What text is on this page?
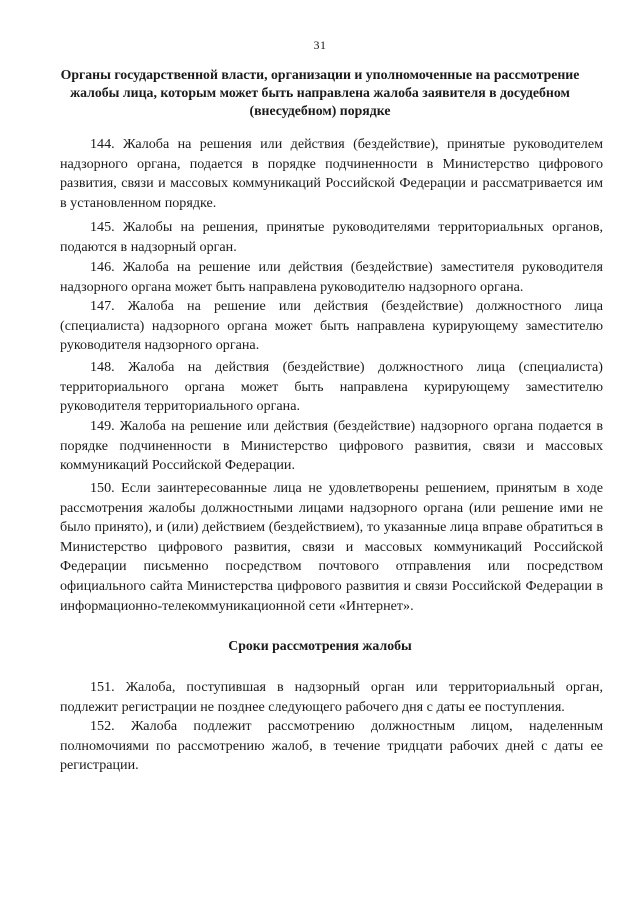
31
Органы государственной власти, организации и уполномоченные на рассмотрение жалобы лица, которым может быть направлена жалоба заявителя в досудебном (внесудебном) порядке

144. Жалоба на решения или действия (бездействие), принятые руководителем надзорного органа, подается в порядке подчиненности в Министерство цифрового развития, связи и массовых коммуникаций Российской Федерации и рассматривается им в установленном порядке.

145. Жалобы на решения, принятые руководителями территориальных органов, подаются в надзорный орган.

146. Жалоба на решение или действия (бездействие) заместителя руководителя надзорного органа может быть направлена руководителю надзорного органа.

147. Жалоба на решение или действия (бездействие) должностного лица (специалиста) надзорного органа может быть направлена курирующему заместителю руководителя надзорного органа.

148. Жалоба на действия (бездействие) должностного лица (специалиста) территориального органа может быть направлена курирующему заместителю руководителя территориального органа.

149. Жалоба на решение или действия (бездействие) надзорного органа подается в порядке подчиненности в Министерство цифрового развития, связи и массовых коммуникаций Российской Федерации.

150. Если заинтересованные лица не удовлетворены решением, принятым в ходе рассмотрения жалобы должностными лицами надзорного органа (или решение ими не было принято), и (или) действием (бездействием), то указанные лица вправе обратиться в Министерство цифрового развития, связи и массовых коммуникаций Российской Федерации письменно посредством почтового отправления или посредством официального сайта Министерства цифрового развития и связи Российской Федерации в информационно-телекоммуникационной сети «Интернет».

Сроки рассмотрения жалобы

151. Жалоба, поступившая в надзорный орган или территориальный орган, подлежит регистрации не позднее следующего рабочего дня с даты ее поступления.

152. Жалоба подлежит рассмотрению должностным лицом, наделенным полномочиями по рассмотрению жалоб, в течение тридцати рабочих дней с даты ее регистрации.
